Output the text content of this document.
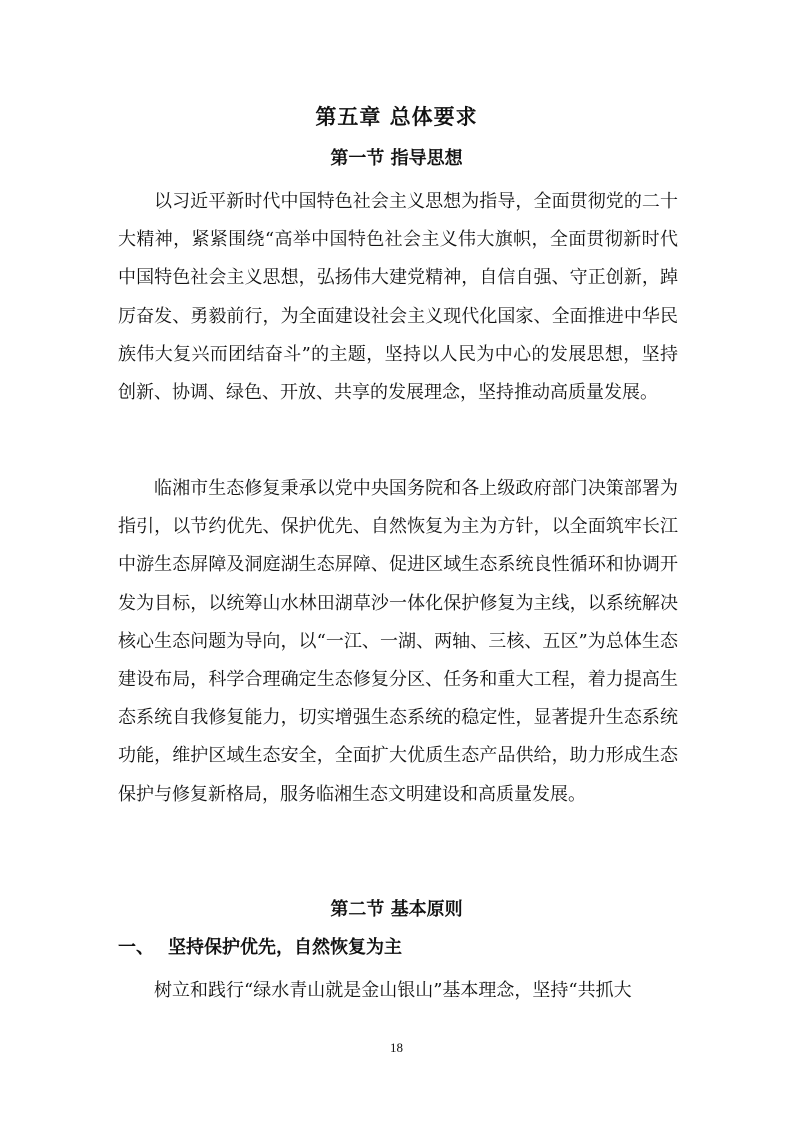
第五章 总体要求
第一节 指导思想

以习近平新时代中国特色社会主义思想为指导，全面贯彻党的二十大精神，紧紧围绕“高举中国特色社会主义伟大旗帜，全面贯彻新时代中国特色社会主义思想，弘扬伟大建党精神，自信自强、守正创新，踔厉奋发、勇毅前行，为全面建设社会主义现代化国家、全面推进中华民族伟大复兴而团结奋斗”的主题，坚持以人民为中心的发展思想，坚持创新、协调、绿色、开放、共享的发展理念，坚持推动高质量发展。

临湘市生态修复秉承以党中央国务院和各上级政府部门决策部署为指引，以节约优先、保护优先、自然恢复为主为方针，以全面筑牢长江中游生态屏障及洞庭湖生态屏障、促进区域生态系统良性循环和协调开发为目标，以统筹山水林田湖草沙一体化保护修复为主线，以系统解决核心生态问题为导向，以“一江、一湖、两轴、三核、五区”为总体生态建设布局，科学合理确定生态修复分区、任务和重大工程，着力提高生态系统自我修复能力，切实增强生态系统的稳定性，显著提升生态系统功能，维护区域生态安全，全面扩大优质生态产品供给，助力形成生态保护与修复新格局，服务临湘生态文明建设和高质量发展。

第二节 基本原则
一、 坚持保护优先，自然恢复为主

树立和践行“绿水青山就是金山银山”基本理念，坚持“共抓大

18
